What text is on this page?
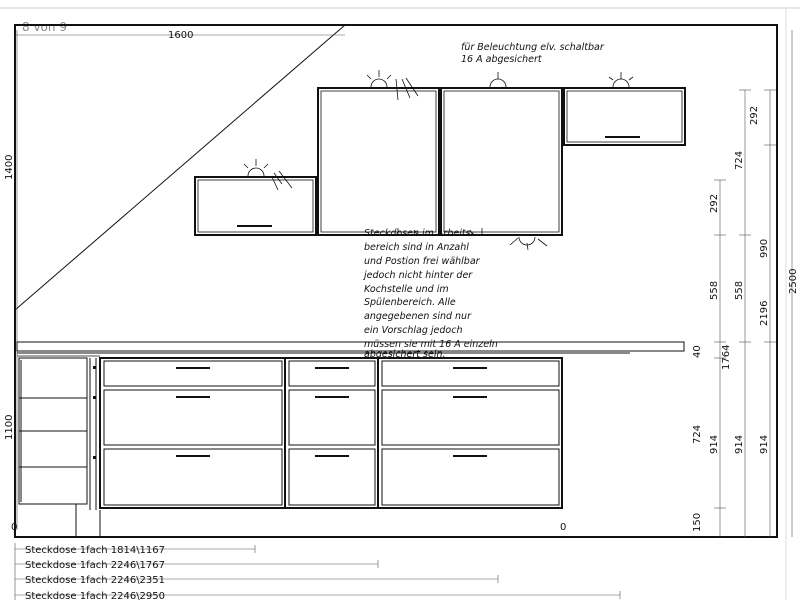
8 von 9
1600
1400
1100
0	0
für Beleuchtung elv. schaltbar
16 A abgesichert
Steckdosen im Arbeits-
bereich sind in Anzahl
und Postion frei wählbar
jedoch nicht hinter der
Kochstelle und im
Spülenbereich. Alle
angegebenen sind nur
ein Vorschlag jedoch
müssen sie mit 16 A einzeln
abgesichert sein.
292
558
40
724
914
150
724
558
1764
914
292
990
2196
914
2500
Steckdose 1fach 1814\1167
Steckdose 1fach 2246\1767
Steckdose 1fach 2246\2351
Steckdose 1fach 2246\2950
